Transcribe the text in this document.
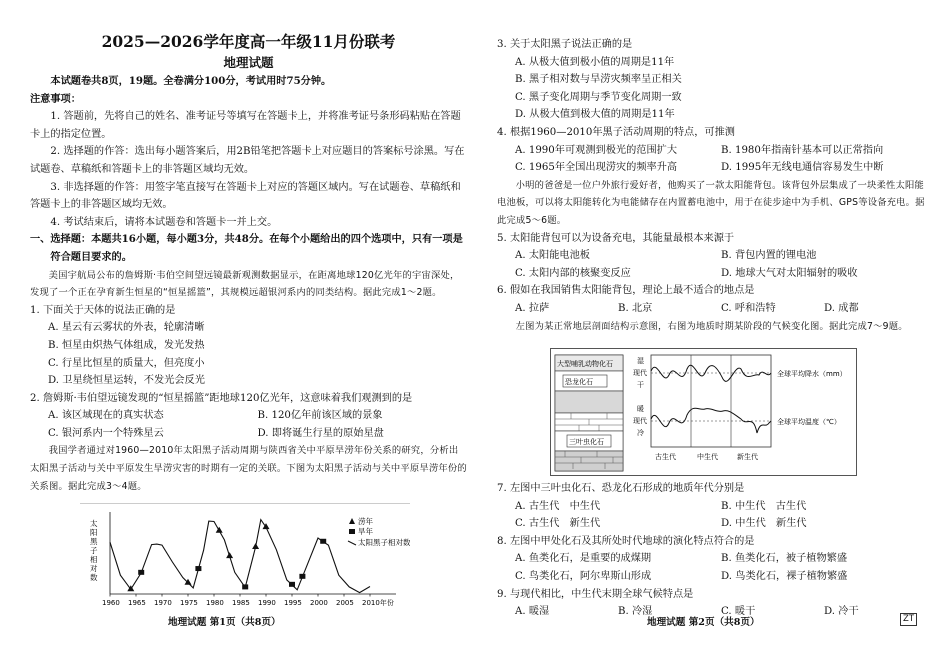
2025—2026学年度高一年级11月份联考
地理试题

本试题卷共8页，19题。全卷满分100分，考试用时75分钟。

注意事项：

1. 答题前，先将自己的姓名、准考证号等填写在答题卡上，并将准考证号条形码粘贴在答题卡上的指定位置。

2. 选择题的作答：选出每小题答案后，用2B铅笔把答题卡上对应题目的答案标号涂黑。写在试题卷、草稿纸和答题卡上的非答题区域均无效。

3. 非选择题的作答：用签字笔直接写在答题卡上对应的答题区域内。写在试题卷、草稿纸和答题卡上的非答题区域均无效。

4. 考试结束后，请将本试题卷和答题卡一并上交。

一、选择题：本题共16小题，每小题3分，共48分。在每个小题给出的四个选项中，只有一项是符合题目要求的。

美国宇航局公布的詹姆斯·韦伯空间望远镜最新观测数据显示，在距离地球120亿光年的宇宙深处，发现了一个正在孕育新生恒星的“恒星摇篮”，其规模远超银河系内的同类结构。据此完成1～2题。

1. 下面关于天体的说法正确的是

A. 星云有云雾状的外表，轮廓清晰
B. 恒星由炽热气体组成，发光发热
C. 行星比恒星的质量大，但亮度小
D. 卫星绕恒星运转，不发光会反光

2. 詹姆斯·韦伯望远镜发现的“恒星摇篮”距地球120亿光年，这意味着我们观测到的是

A. 该区域现在的真实状态	B. 120亿年前该区域的景象
C. 银河系内一个特殊星云	D. 即将诞生行星的原始星盘

我国学者通过对1960—2010年太阳黑子活动周期与陕西省关中平原旱涝年份关系的研究，分析出太阳黑子活动与关中平原发生旱涝灾害的时期有一定的关联。下图为太阳黑子活动与关中平原旱涝年份的关系图。据此完成3～4题。

1960 1965 1970 1975 1980 1985 1990 1995 2000 2005 2010年份
涝年
旱年
太阳黑子相对数
太
阳
黑
子
相
对
数
地理试题 第1页（共8页）

3. 关于太阳黑子说法正确的是

A. 从极大值到极小值的周期是11年
B. 黑子相对数与旱涝灾频率呈正相关
C. 黑子变化周期与季节变化周期一致
D. 从极大值到极大值的周期是11年

4. 根据1960—2010年黑子活动周期的特点，可推测

A. 1990年可观测到极光的范围扩大	B. 1980年指南针基本可以正常指向
C. 1965年全国出现涝灾的频率升高	D. 1995年无线电通信容易发生中断

小明的爸爸是一位户外旅行爱好者，他购买了一款太阳能背包。该背包外层集成了一块柔性太阳能电池板，可以将太阳能转化为电能储存在内置蓄电池中，用于在徒步途中为手机、GPS等设备充电。据此完成5～6题。

5. 太阳能背包可以为设备充电，其能量最根本来源于

A. 太阳能电池板	B. 背包内置的锂电池
C. 太阳内部的核聚变反应	D. 地球大气对太阳辐射的吸收

6. 假如在我国销售太阳能背包，理论上最不适合的地点是

A. 拉萨	B. 北京	C. 呼和浩特	D. 成都

左图为某正常地层剖面结构示意图，右图为地质时期某阶段的气候变化图。据此完成7～9题。

大型哺乳动物化石
恐龙化石
三叶虫化石
湿
现代
干
暖
现代
冷
古生代	中生代	新生代
全球平均降水（mm）
全球平均温度（℃）

7. 左图中三叶虫化石、恐龙化石形成的地质年代分别是

A. 古生代　中生代	B. 中生代　古生代
C. 古生代　新生代	D. 中生代　新生代

8. 左图中甲处化石及其所处时代地球的演化特点符合的是

A. 鱼类化石，是重要的成煤期	B. 鱼类化石，被子植物繁盛
C. 鸟类化石，阿尔卑斯山形成	D. 鸟类化石，裸子植物繁盛

9. 与现代相比，中生代末期全球气候特点是

A. 暖湿	B. 冷湿	C. 暖干	D. 冷干
地理试题 第2页（共8页）	ZT
